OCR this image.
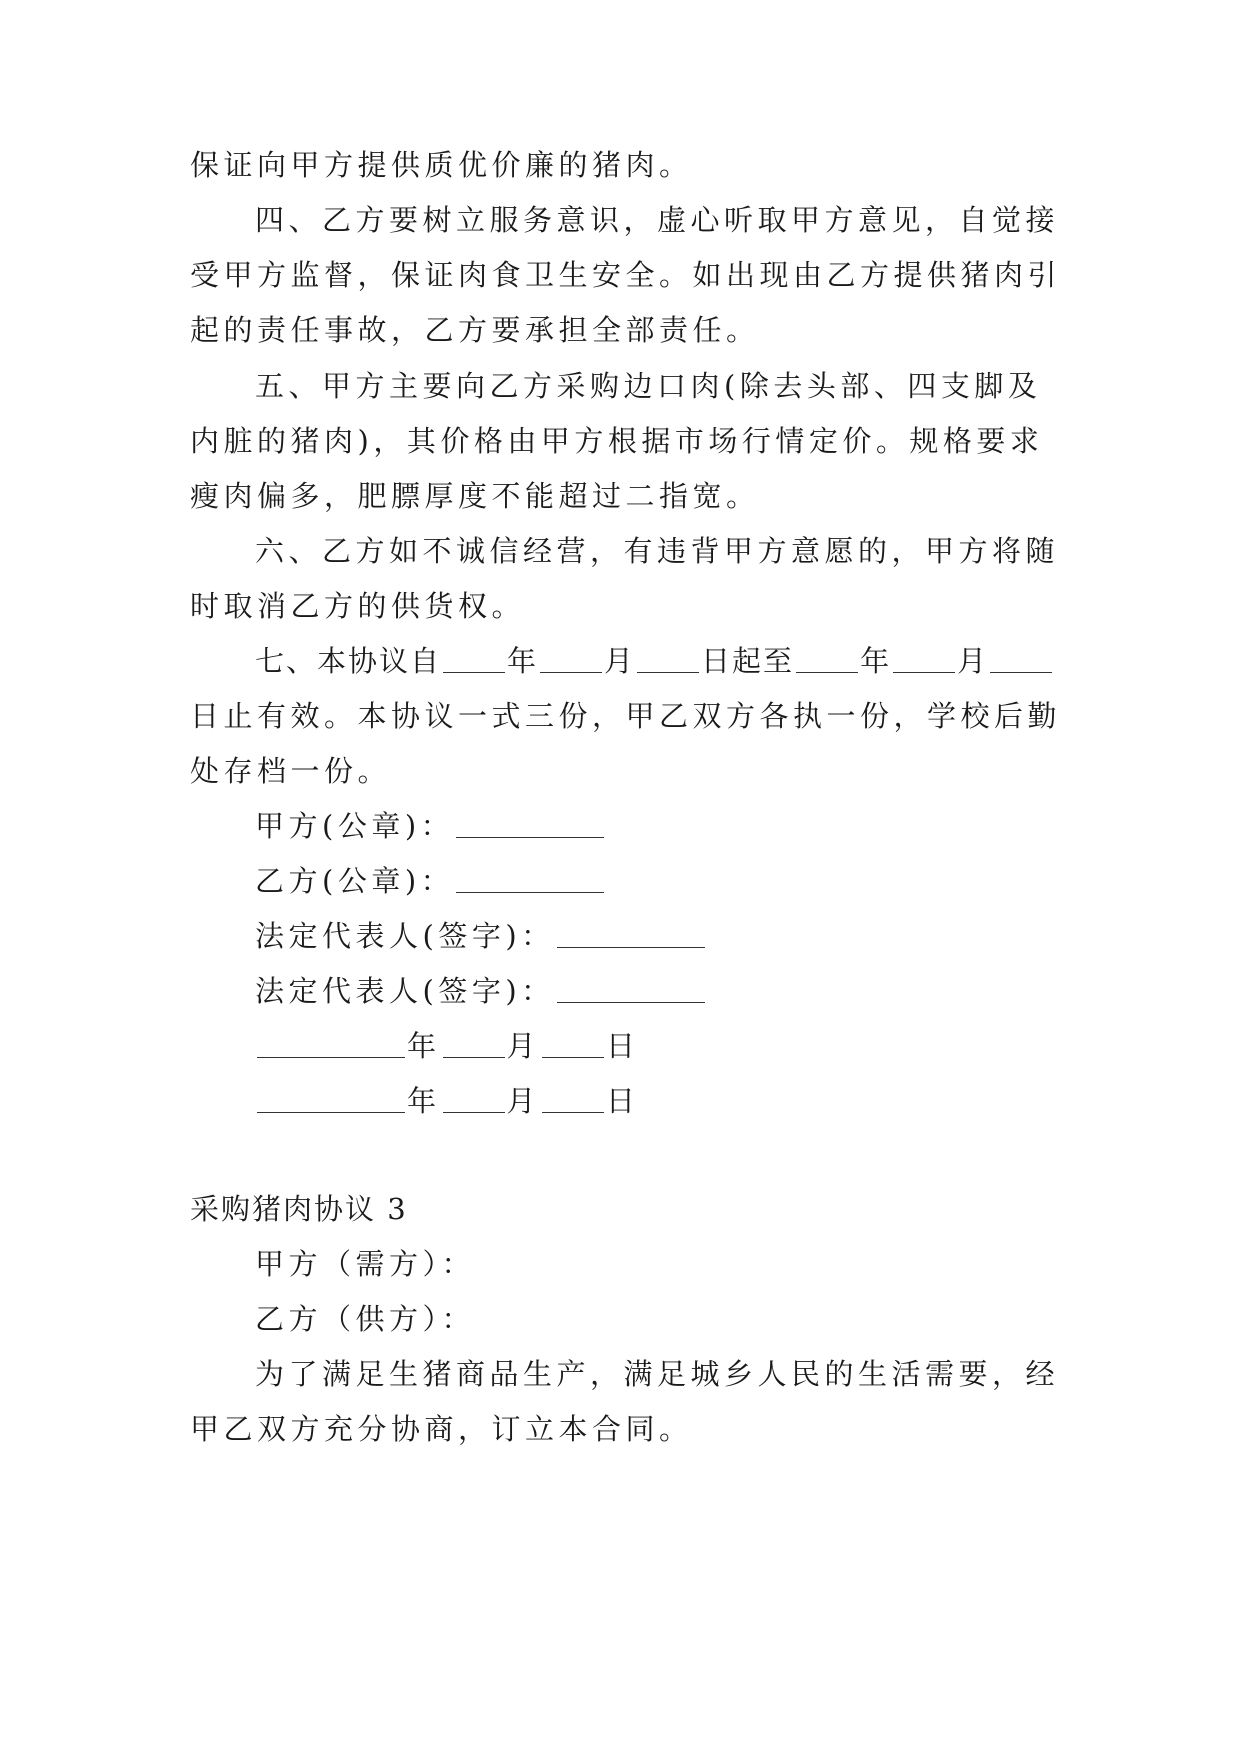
保证向甲方提供质优价廉的猪肉。
四、乙方要树立服务意识，虚心听取甲方意见，自觉接
受甲方监督，保证肉食卫生安全。如出现由乙方提供猪肉引
起的责任事故，乙方要承担全部责任。
五、甲方主要向乙方采购边口肉(除去头部、四支脚及
内脏的猪肉)，其价格由甲方根据市场行情定价。规格要求
瘦肉偏多，肥膘厚度不能超过二指宽。
六、乙方如不诚信经营，有违背甲方意愿的，甲方将随
时取消乙方的供货权。
七、本协议自 年 月 日起至 年 月
日止有效。本协议一式三份，甲乙双方各执一份，学校后勤
处存档一份。
甲方(公章)：
乙方(公章)：
法定代表人(签字)：
法定代表人(签字)：
年 月 日
年 月 日
采购猪肉协议 3
甲方（需方）：
乙方（供方）：
为了满足生猪商品生产，满足城乡人民的生活需要，经
甲乙双方充分协商，订立本合同。
